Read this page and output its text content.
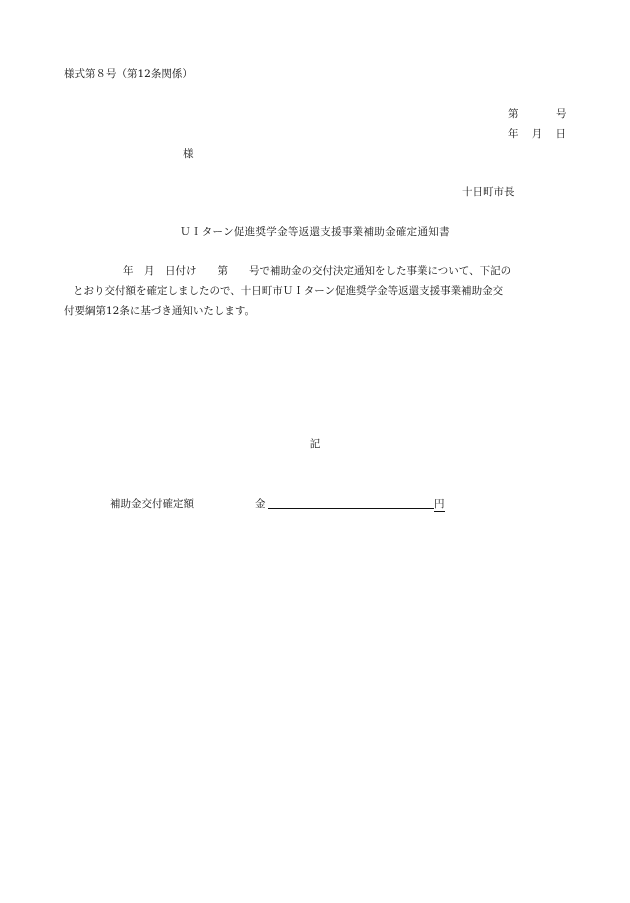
様式第８号（第12条関係）
第	号
年 月 日
様
十日町市長
ＵＩターン促進奨学金等返還支援事業補助金確定通知書
年　月　日付け　　第　　号で補助金の交付決定通知をした事業について、下記の
とおり交付額を確定しましたので、十日町市ＵＩターン促進奨学金等返還支援事業補助金交
付要綱第12条に基づき通知いたします。
記
補助金交付確定額	金	円
